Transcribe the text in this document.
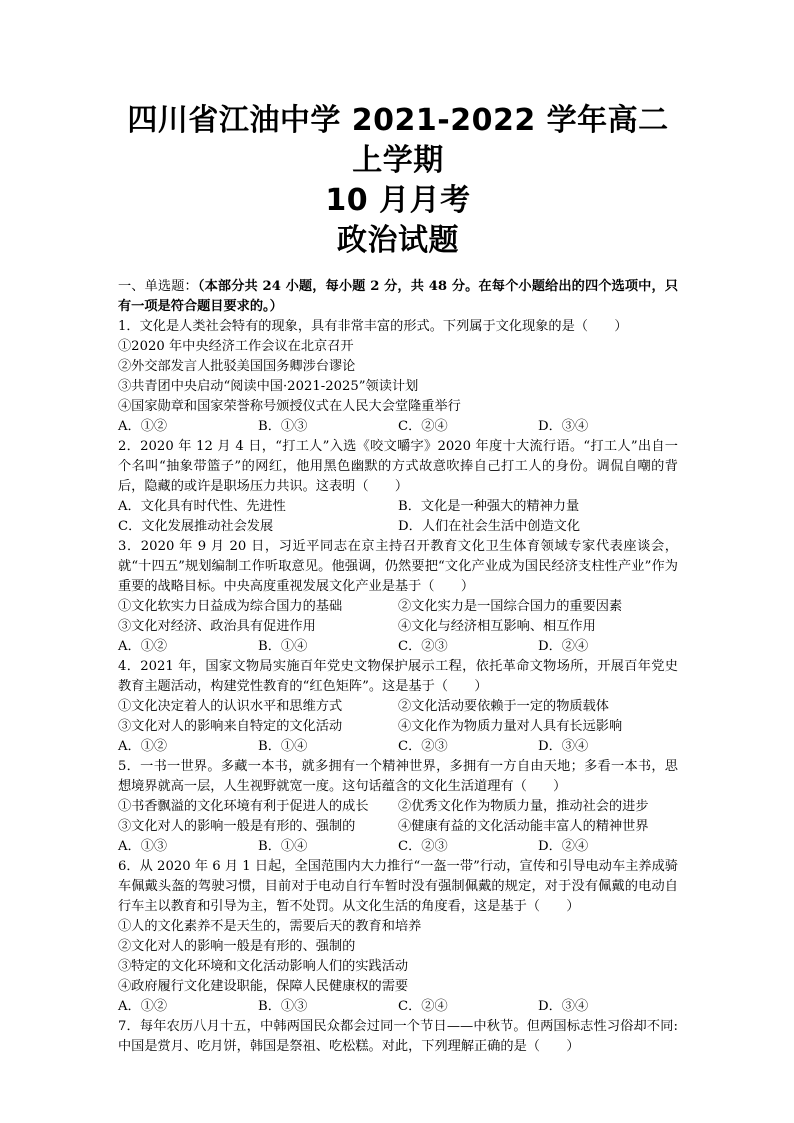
四川省江油中学 2021-2022 学年高二上学期
10 月月考
政治试题
一、单选题：（本部分共 24 小题，每小题 2 分，共 48 分。在每个小题给出的四个选项中，只有一项是符合题目要求的。）
1．文化是人类社会特有的现象，具有非常丰富的形式。下列属于文化现象的是（　　）
①2020 年中央经济工作会议在北京召开
②外交部发言人批驳美国国务卿涉台谬论
③共青团中央启动“阅读中国·2021-2025”领读计划
④国家勋章和国家荣誉称号颁授仪式在人民大会堂隆重举行
A．①②	B．①③	C．②④	D．③④
2．2020 年 12 月 4 日，“打工人”入选《咬文嚼字》2020 年度十大流行语。“打工人”出自一个名叫“抽象带篮子”的网红，他用黑色幽默的方式故意吹捧自己打工人的身份。调侃自嘲的背后，隐藏的或许是职场压力共识。这表明（　　）
A．文化具有时代性、先进性	B．文化是一种强大的精神力量
C．文化发展推动社会发展	D．人们在社会生活中创造文化
3．2020 年 9 月 20 日，习近平同志在京主持召开教育文化卫生体育领域专家代表座谈会，就“十四五”规划编制工作听取意见。他强调，仍然要把“文化产业成为国民经济支柱性产业”作为重要的战略目标。中央高度重视发展文化产业是基于（　　）
①文化软实力日益成为综合国力的基础	②文化实力是一国综合国力的重要因素
③文化对经济、政治具有促进作用	④文化与经济相互影响、相互作用
A．①②	B．①④	C．②③	D．②④
4．2021 年，国家文物局实施百年党史文物保护展示工程，依托革命文物场所，开展百年党史教育主题活动，构建党性教育的“红色矩阵”。这是基于（　　）
①文化决定着人的认识水平和思维方式	②文化活动要依赖于一定的物质载体
③文化对人的影响来自特定的文化活动	④文化作为物质力量对人具有长远影响
A．①②	B．①④	C．②③	D．③④
5．一书一世界。多藏一本书，就多拥有一个精神世界，多拥有一方自由天地；多看一本书，思想境界就高一层，人生视野就宽一度。这句话蕴含的文化生活道理有（　　）
①书香飘溢的文化环境有利于促进人的成长	②优秀文化作为物质力量，推动社会的进步
③文化对人的影响一般是有形的、强制的	④健康有益的文化活动能丰富人的精神世界
A．①③	B．①④	C．②③	D．②④
6．从 2020 年 6 月 1 日起，全国范围内大力推行“一盔一带”行动，宣传和引导电动车主养成骑车佩戴头盔的驾驶习惯，目前对于电动自行车暂时没有强制佩戴的规定，对于没有佩戴的电动自行车主以教育和引导为主，暂不处罚。从文化生活的角度看，这是基于（　　）
①人的文化素养不是天生的，需要后天的教育和培养
②文化对人的影响一般是有形的、强制的
③特定的文化环境和文化活动影响人们的实践活动
④政府履行文化建设职能，保障人民健康权的需要
A．①②	B．①③	C．②④	D．③④
7．每年农历八月十五，中韩两国民众都会过同一个节日——中秋节。但两国标志性习俗却不同:中国是赏月、吃月饼，韩国是祭祖、吃松糕。对此，下列理解正确的是（　　）
